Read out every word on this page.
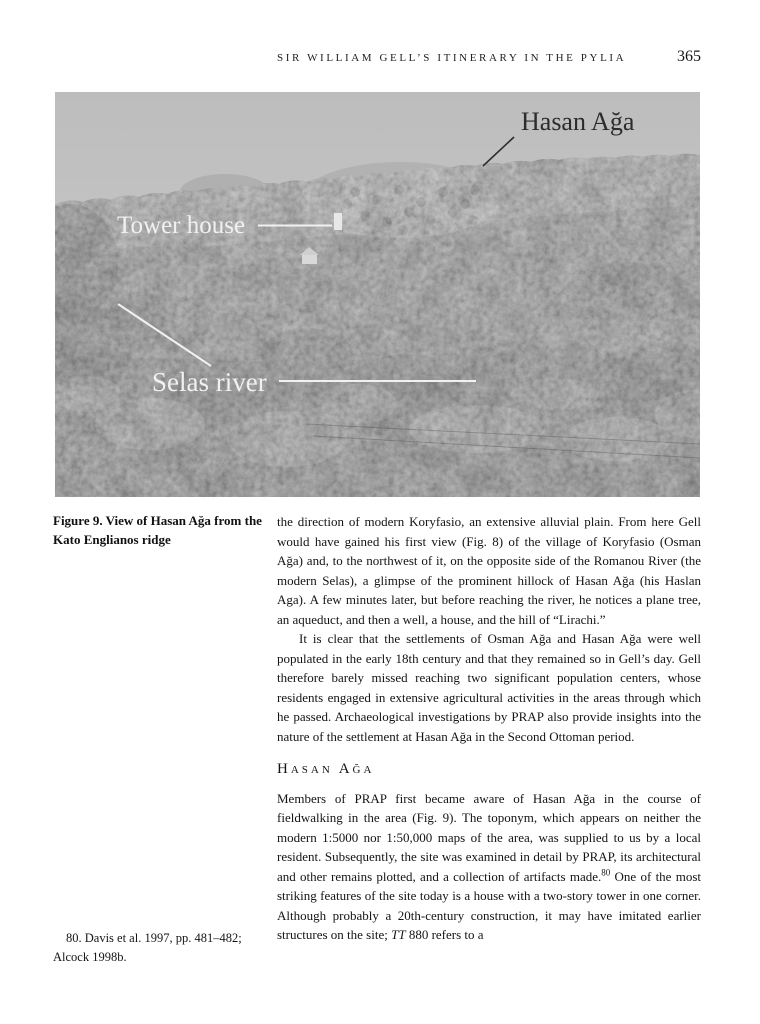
SIR WILLIAM GELL’S ITINERARY IN THE PYLIA	365
Hasan Ağa
Tower house
Selas river
Figure 9. View of Hasan Ağa from the Kato Englianos ridge

the direction of modern Koryfasio, an extensive alluvial plain. From here Gell would have gained his first view (Fig. 8) of the village of Koryfasio (Osman Ağa) and, to the northwest of it, on the opposite side of the Romanou River (the modern Selas), a glimpse of the prominent hillock of Hasan Ağa (his Haslan Aga). A few minutes later, but before reaching the river, he notices a plane tree, an aqueduct, and then a well, a house, and the hill of “Lirachi.”

It is clear that the settlements of Osman Ağa and Hasan Ağa were well populated in the early 18th century and that they remained so in Gell’s day. Gell therefore barely missed reaching two significant population centers, whose residents engaged in extensive agricultural activities in the areas through which he passed. Archaeological investigations by PRAP also provide insights into the nature of the settlement at Hasan Ağa in the Second Ottoman period.

Hasan Ağa

Members of PRAP first became aware of Hasan Ağa in the course of fieldwalking in the area (Fig. 9). The toponym, which appears on neither the modern 1:5000 nor 1:50,000 maps of the area, was supplied to us by a local resident. Subsequently, the site was examined in detail by PRAP, its architectural and other remains plotted, and a collection of artifacts made.$^{80}$ One of the most striking features of the site today is a house with a two-story tower in one corner. Although probably a 20th-century construction, it may have imitated earlier structures on the site; TT 880 refers to a

80. Davis et al. 1997, pp. 481–482; Alcock 1998b.
